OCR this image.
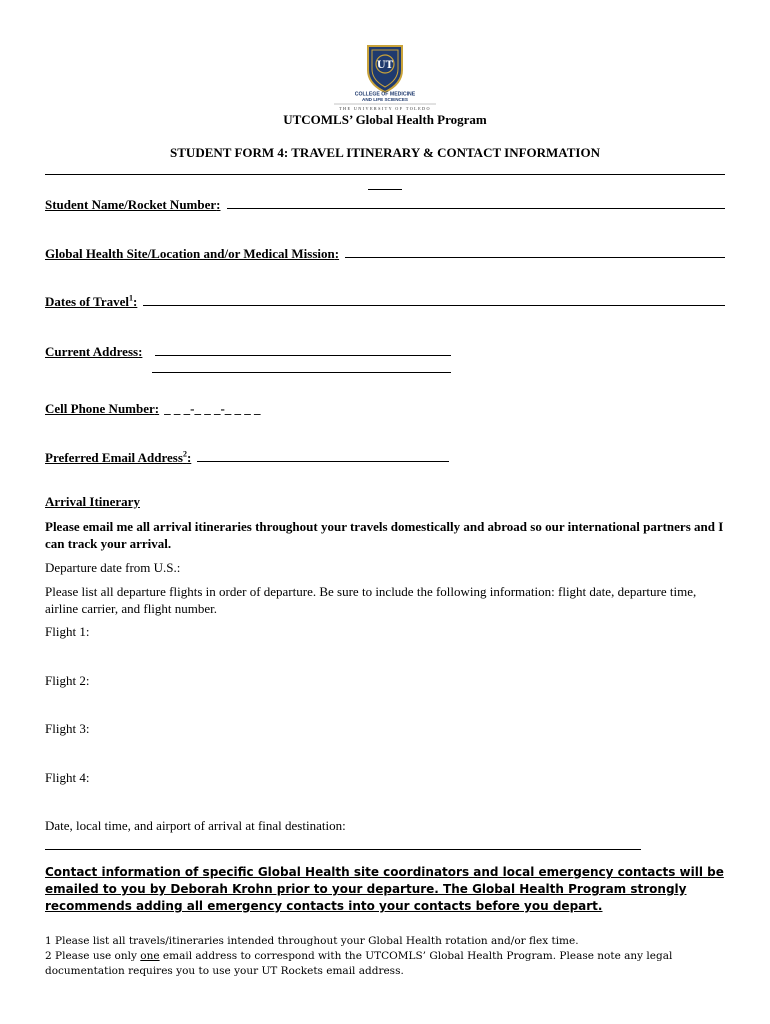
UT
COLLEGE OF MEDICINE
AND LIFE SCIENCES
THE UNIVERSITY OF TOLEDO
UTCOMLS’ Global Health Program
STUDENT FORM 4: TRAVEL ITINERARY & CONTACT INFORMATION
Student Name/Rocket Number:
Global Health Site/Location and/or Medical Mission:
Dates of Travel$^1$:
Current Address:
Cell Phone Number: _ _ _-_ _ _-_ _ _ _
Preferred Email Address$^2$:
Arrival Itinerary
Please email me all arrival itineraries throughout your travels domestically and abroad so our international partners and I can track your arrival.
Departure date from U.S.:
Please list all departure flights in order of departure. Be sure to include the following information: flight date, departure time, airline carrier, and flight number.
Flight 1:
Flight 2:
Flight 3:
Flight 4:
Date, local time, and airport of arrival at final destination:
Contact information of specific Global Health site coordinators and local emergency contacts will be emailed to you by Deborah Krohn prior to your departure. The Global Health Program strongly recommends adding all emergency contacts into your contacts before you depart.
1 Please list all travels/itineraries intended throughout your Global Health rotation and/or flex time.
2 Please use only one email address to correspond with the UTCOMLS’ Global Health Program. Please note any legal documentation requires you to use your UT Rockets email address.
